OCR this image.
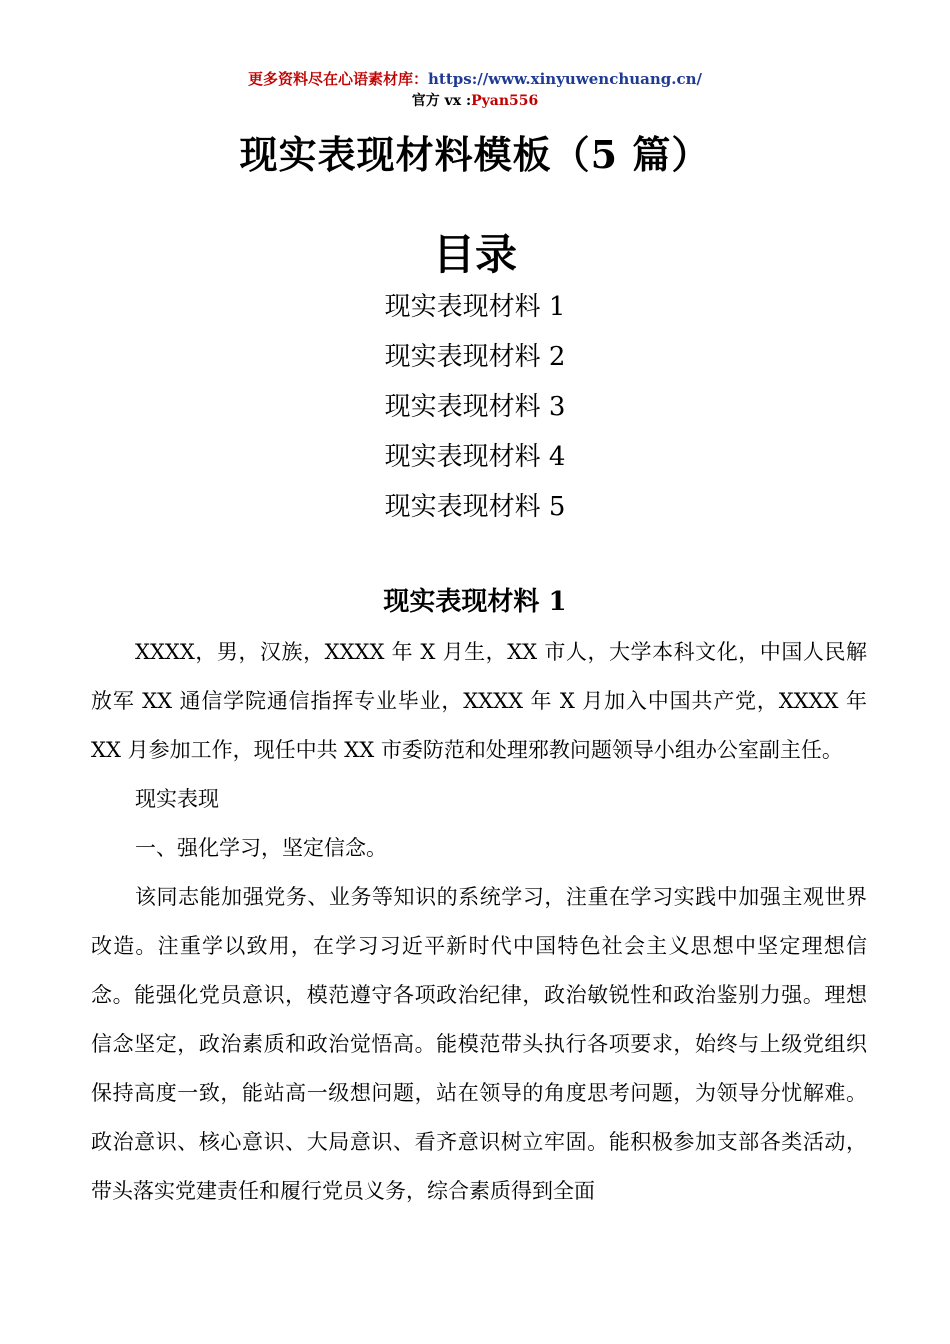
更多资料尽在心语素材库：https://www.xinyuwenchuang.cn/
官方 vx :Pyan556
现实表现材料模板（5 篇）
目录
现实表现材料 1
现实表现材料 2
现实表现材料 3
现实表现材料 4
现实表现材料 5
现实表现材料 1

XXXX，男，汉族，XXXX 年 X 月生，XX 市人，大学本科文化，中国人民解放军 XX 通信学院通信指挥专业毕业，XXXX 年 X 月加入中国共产党，XXXX 年 XX 月参加工作，现任中共 XX 市委防范和处理邪教问题领导小组办公室副主任。

现实表现

一、强化学习，坚定信念。

该同志能加强党务、业务等知识的系统学习，注重在学习实践中加强主观世界改造。注重学以致用，在学习习近平新时代中国特色社会主义思想中坚定理想信念。能强化党员意识，模范遵守各项政治纪律，政治敏锐性和政治鉴别力强。理想信念坚定，政治素质和政治觉悟高。能模范带头执行各项要求，始终与上级党组织保持高度一致，能站高一级想问题，站在领导的角度思考问题，为领导分忧解难。政治意识、核心意识、大局意识、看齐意识树立牢固。能积极参加支部各类活动，带头落实党建责任和履行党员义务，综合素质得到全面
